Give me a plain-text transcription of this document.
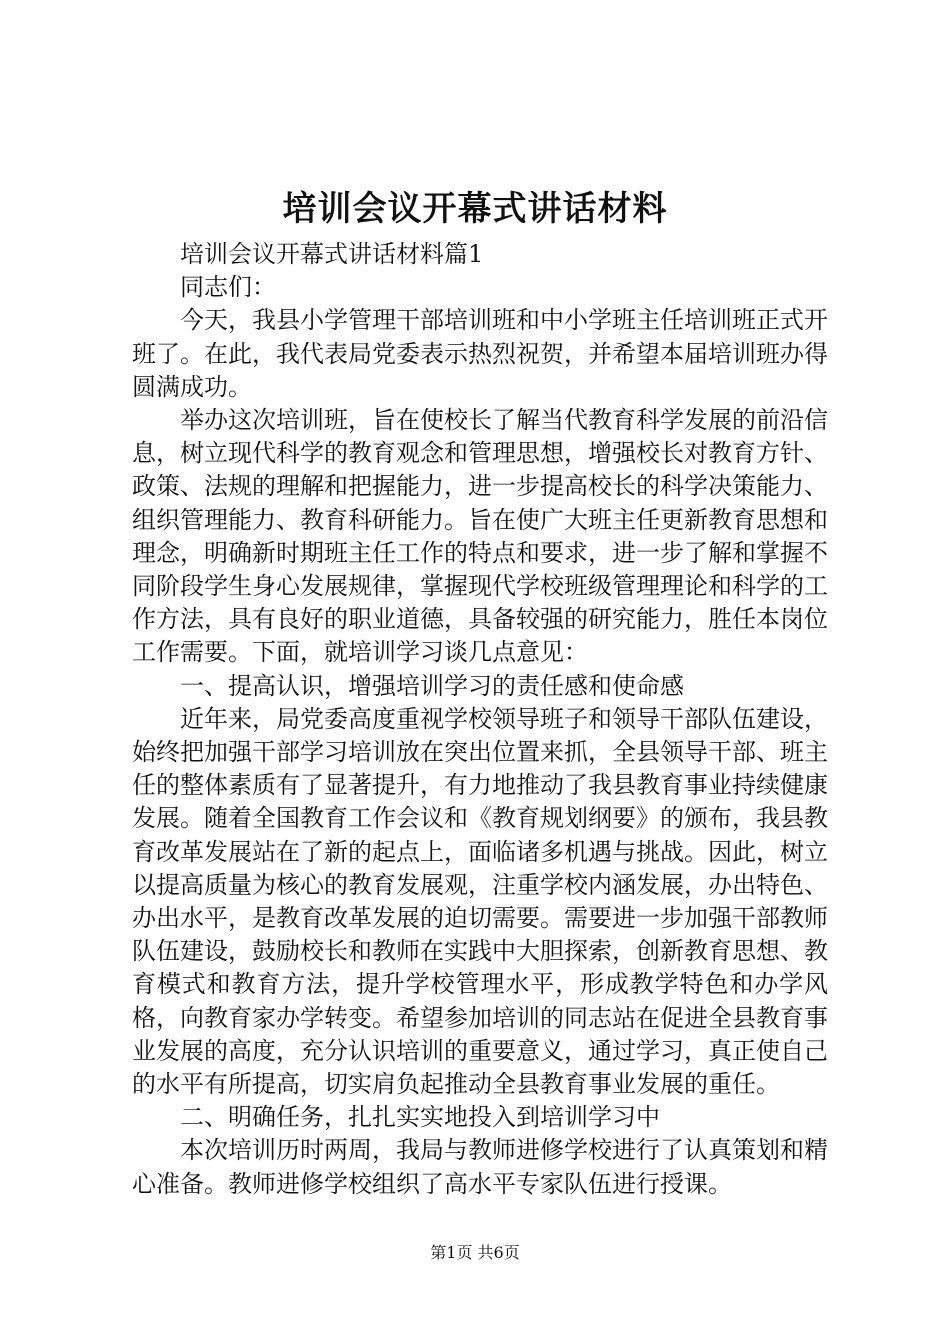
培训会议开幕式讲话材料

培训会议开幕式讲话材料篇1

同志们：

今天，我县小学管理干部培训班和中小学班主任培训班正式开班了。在此，我代表局党委表示热烈祝贺，并希望本届培训班办得圆满成功。

举办这次培训班，旨在使校长了解当代教育科学发展的前沿信息，树立现代科学的教育观念和管理思想，增强校长对教育方针、政策、法规的理解和把握能力，进一步提高校长的科学决策能力、组织管理能力、教育科研能力。旨在使广大班主任更新教育思想和理念，明确新时期班主任工作的特点和要求，进一步了解和掌握不同阶段学生身心发展规律，掌握现代学校班级管理理论和科学的工作方法，具有良好的职业道德，具备较强的研究能力，胜任本岗位工作需要。下面，就培训学习谈几点意见：

一、提高认识，增强培训学习的责任感和使命感

近年来，局党委高度重视学校领导班子和领导干部队伍建设，始终把加强干部学习培训放在突出位置来抓，全县领导干部、班主任的整体素质有了显著提升，有力地推动了我县教育事业持续健康发展。随着全国教育工作会议和《教育规划纲要》的颁布，我县教育改革发展站在了新的起点上，面临诸多机遇与挑战。因此，树立以提高质量为核心的教育发展观，注重学校内涵发展，办出特色、办出水平，是教育改革发展的迫切需要。需要进一步加强干部教师队伍建设，鼓励校长和教师在实践中大胆探索，创新教育思想、教育模式和教育方法，提升学校管理水平，形成教学特色和办学风格，向教育家办学转变。希望参加培训的同志站在促进全县教育事业发展的高度，充分认识培训的重要意义，通过学习，真正使自己的水平有所提高，切实肩负起推动全县教育事业发展的重任。

二、明确任务，扎扎实实地投入到培训学习中

本次培训历时两周，我局与教师进修学校进行了认真策划和精心准备。教师进修学校组织了高水平专家队伍进行授课。

第1页 共6页
